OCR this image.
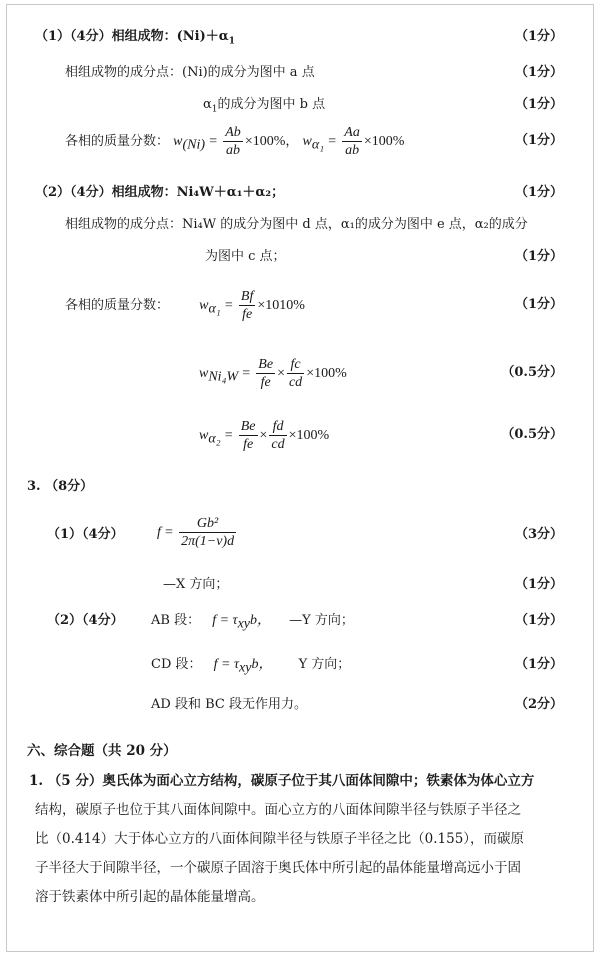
（1）（4分）相组成物：$(Ni)+\alpha_1$	（1分）
相组成物的成分点：(Ni)的成分为图中 a 点	（1分）
$\alpha_1$的成分为图中 b 点	（1分）
各相的质量分数： $w_{(Ni)} = \frac{Ab}{ab} \times 100\%$， $w_{\alpha_1} = \frac{Aa}{ab} \times 100\%$	（1分）
（2）（4分）相组成物：Ni₄W＋α₁＋α₂；	（1分）
相组成物的成分点：Ni₄W 的成分为图中 d 点，α₁的成分为图中 e 点，α₂的成分
为图中 c 点；	（1分）
各相的质量分数： $w_{\alpha_1} = \frac{Bf}{fe} \times 1010\%$	（1分）
$w_{Ni_4W} = \frac{Be}{fe} \times \frac{fc}{cd} \times 100\%$	（0.5分）
$w_{\alpha_2} = \frac{Be}{fe} \times \frac{fd}{cd} \times 100\%$	（0.5分）
3. （8分）
（1）（4分） $f = \frac{\text{Gb²}}{2\pi(1-\nu)d}$	（3分）
—X 方向；	（1分）
（2）（4分） AB 段： $f = \tau_{xy}b$， —Y 方向；	（1分）
CD 段： $f = \tau_{xy}b$， Y 方向；	（1分）
AD 段和 BC 段无作用力。	（2分）
六、综合题（共 20 分）
1. （5 分）奥氏体为面心立方结构，碳原子位于其八面体间隙中；铁素体为体心立方
结构，碳原子也位于其八面体间隙中。面心立方的八面体间隙半径与铁原子半径之
比（0.414）大于体心立方的八面体间隙半径与铁原子半径之比（0.155），而碳原
子半径大于间隙半径，一个碳原子固溶于奥氏体中所引起的晶体能量增高远小于固
溶于铁素体中所引起的晶体能量增高。
